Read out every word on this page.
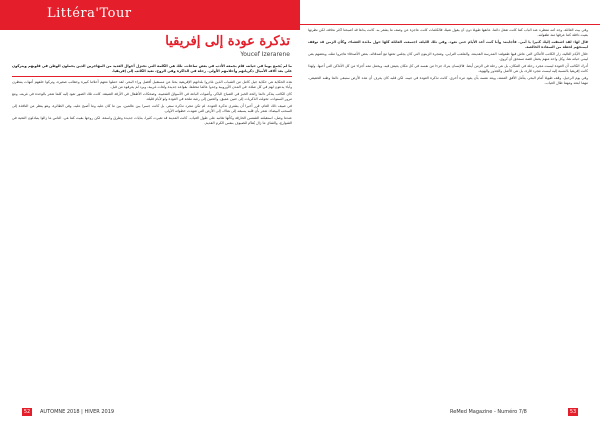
Littéra'Tour
تذكرة عودة إلى إفريقيا
Youcef Izerarene

ما لم يُجمع يوما في حياته، قام بجمعه الأدب في بعض ساعات. تلك هي الكلمة التي تختزل أحوال العديد من المهاجرين الذين يحملون الوطن في قلوبهم ويتركون على بعد آلاف الأميال ذكرياتهم وأحلامهم الأولى. رحلة في الذاكرة وفي الروح، تعيد الكاتب إلى إفريقيا.

هذه الحكاية هي حكاية جيل كامل من الشباب الذين غادروا بلدانهم الإفريقية بحثا عن مستقبل أفضل وراء البحر. لقد حملوا معهم أحلاما كبيرة وحقائب صغيرة، وتركوا خلفهم أمهات ينتظرن وآباء يدعون لهم في كل صلاة. في المدن الأوروبية وجدوا عالما مختلفا، بقواعد جديدة ولغات غريبة، وبرد لم يعرفوه من قبل.

كان الكاتب يتذكر دائما رائحة الخبز في الصباح الباكر، وأصوات الباعة في الأسواق الشعبية، وضحكات الأطفال في الأزقة الضيقة. كانت تلك الصور تعود إليه كلما شعر بالوحدة في غربته. ومع مرور السنوات، تحولت الذكريات إلى حنين عميق، والحنين إلى رغبة ملحة في العودة ولو لأيام قليلة.

في صيف ذلك العام، قرر أخيرا أن يشتري تذكرة العودة. لم تكن مجرد تذكرة سفر، بل كانت جسرا بين عالمين، بين ما كان عليه وما أصبح عليه. وفي الطائرة، وهو ينظر من النافذة إلى السحب البيضاء، شعر بأن قلبه يسبقه إلى هناك، إلى الأرض التي شهدت خطواته الأولى.

عندما وصل، استقبلته الشمس الحارقة وكأنها تعاتبه على طول الغياب. كانت المدينة قد تغيرت كثيرا، بنايات جديدة وطرق واسعة، لكن روحها بقيت كما هي. الناس ما زالوا يتبادلون التحية في الشوارع، والشاي ما زال يُقدَّم للضيوف بنفس الكرم القديم.

وفي بيت العائلة، وجد أمه تنتظره عند الباب كما كانت تفعل دائما. عانقها طويلا دون أن يقول شيئا، فالكلمات كانت عاجزة عن وصف ما يشعر به. كانت يداها قد أصبحتا أكثر نحافة، لكن نظرتها بقيت دافئة كما عرفها منذ طفولته.

قال لها: لقد اشتقت إليك كثيرا يا أمي. فأجابته: وأنا كنت أعد الأيام حتى تعود. وفي تلك الليلة، اجتمعت العائلة كلها حول مائدة العشاء، وكأن الزمن قد توقف ليمنحهم لحظة من السعادة الخالصة.

خلال الأيام التالية، زار الكاتب الأماكن التي عاش فيها طفولته: المدرسة القديمة، والملعب الترابي، وشجرة الزيتون التي كان يجلس تحتها مع أصدقائه. بعض الأصدقاء هاجروا مثله، وبعضهم بقي ليبني حياته هنا، وكل واحد منهم يحمل قصة تستحق أن تُروى.

أدرك الكاتب أن العودة ليست مجرد رحلة في المكان، بل هي رحلة في الزمن أيضا. فالإنسان يترك جزءا من نفسه في كل مكان يعيش فيه، ويحمل معه أجزاء من كل الأماكن التي أحبها. ولهذا كانت إفريقيا بالنسبة إليه ليست مجرد قارة، بل هي الأصل والجذور والهوية.

وفي يوم الرحيل، وقف طويلا أمام البحر، يتأمل الأفق الممتد، ويعد نفسه بأن يعود مرة أخرى. كانت تذكرة العودة في جيبه، لكن قلبه كان يعرف أن هذه الأرض ستبقى دائما وطنه الحقيقي، مهما ابتعد ومهما طال الغياب.

52	AUTOMNE 2018 | HIVER 2019	ReMed Magazine - Numéro 7/8	53
